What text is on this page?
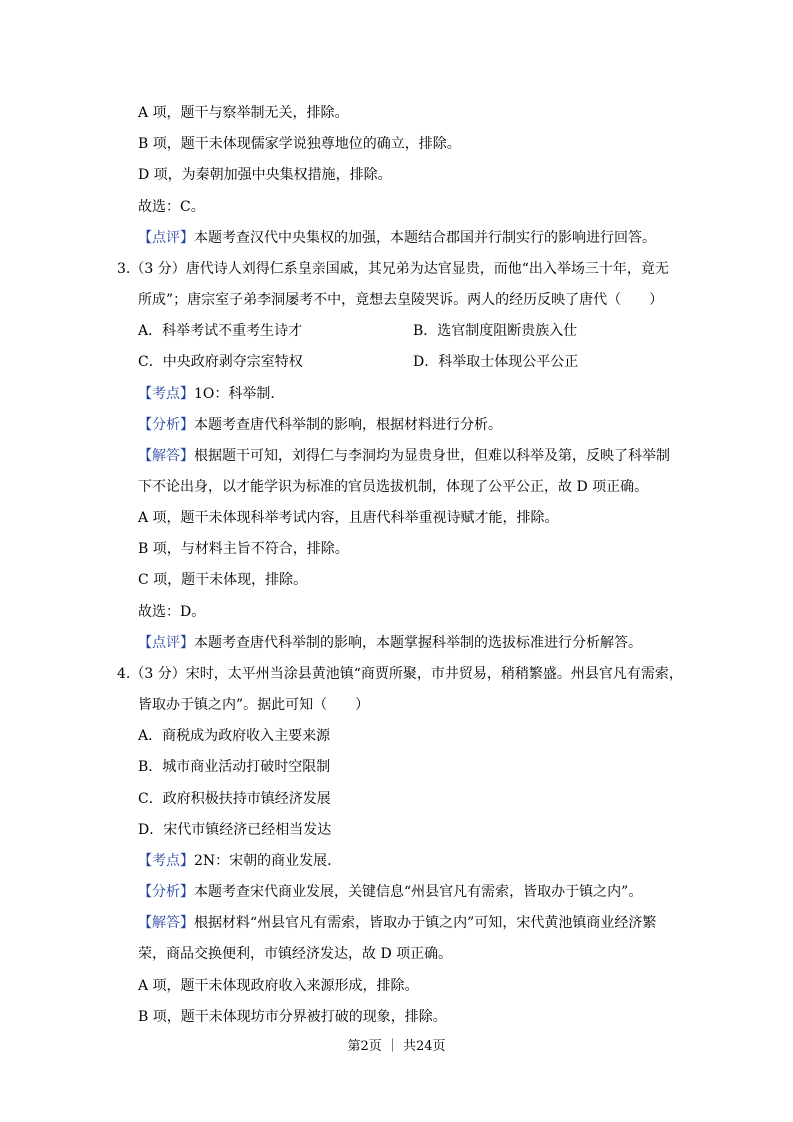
A 项，题干与察举制无关，排除。
B 项，题干未体现儒家学说独尊地位的确立，排除。
D 项，为秦朝加强中央集权措施，排除。
故选：C。
【点评】本题考查汉代中央集权的加强，本题结合郡国并行制实行的影响进行回答。
3.（3 分）唐代诗人刘得仁系皇亲国戚，其兄弟为达官显贵，而他“出入举场三十年，竟无
所成”；唐宗室子弟李洞屡考不中，竟想去皇陵哭诉。两人的经历反映了唐代（　　）
A．科举考试不重考生诗才	B．选官制度阻断贵族入仕
C．中央政府剥夺宗室特权	D．科举取士体现公平公正
【考点】1O：科举制．
【分析】本题考查唐代科举制的影响，根据材料进行分析。
【解答】根据题干可知，刘得仁与李洞均为显贵身世，但难以科举及第，反映了科举制
下不论出身，以才能学识为标准的官员选拔机制，体现了公平公正，故 D 项正确。
A 项，题干未体现科举考试内容，且唐代科举重视诗赋才能，排除。
B 项，与材料主旨不符合，排除。
C 项，题干未体现，排除。
故选：D。
【点评】本题考查唐代科举制的影响，本题掌握科举制的选拔标准进行分析解答。
4.（3 分）宋时，太平州当涂县黄池镇“商贾所聚，市井贸易，稍稍繁盛。州县官凡有需索，
皆取办于镇之内”。据此可知（　　）
A．商税成为政府收入主要来源
B．城市商业活动打破时空限制
C．政府积极扶持市镇经济发展
D．宋代市镇经济已经相当发达
【考点】2N：宋朝的商业发展．
【分析】本题考查宋代商业发展，关键信息“州县官凡有需索，皆取办于镇之内”。
【解答】根据材料“州县官凡有需索，皆取办于镇之内”可知，宋代黄池镇商业经济繁
荣，商品交换便利，市镇经济发达，故 D 项正确。
A 项，题干未体现政府收入来源形成，排除。
B 项，题干未体现坊市分界被打破的现象，排除。
第2页 ｜ 共24页
